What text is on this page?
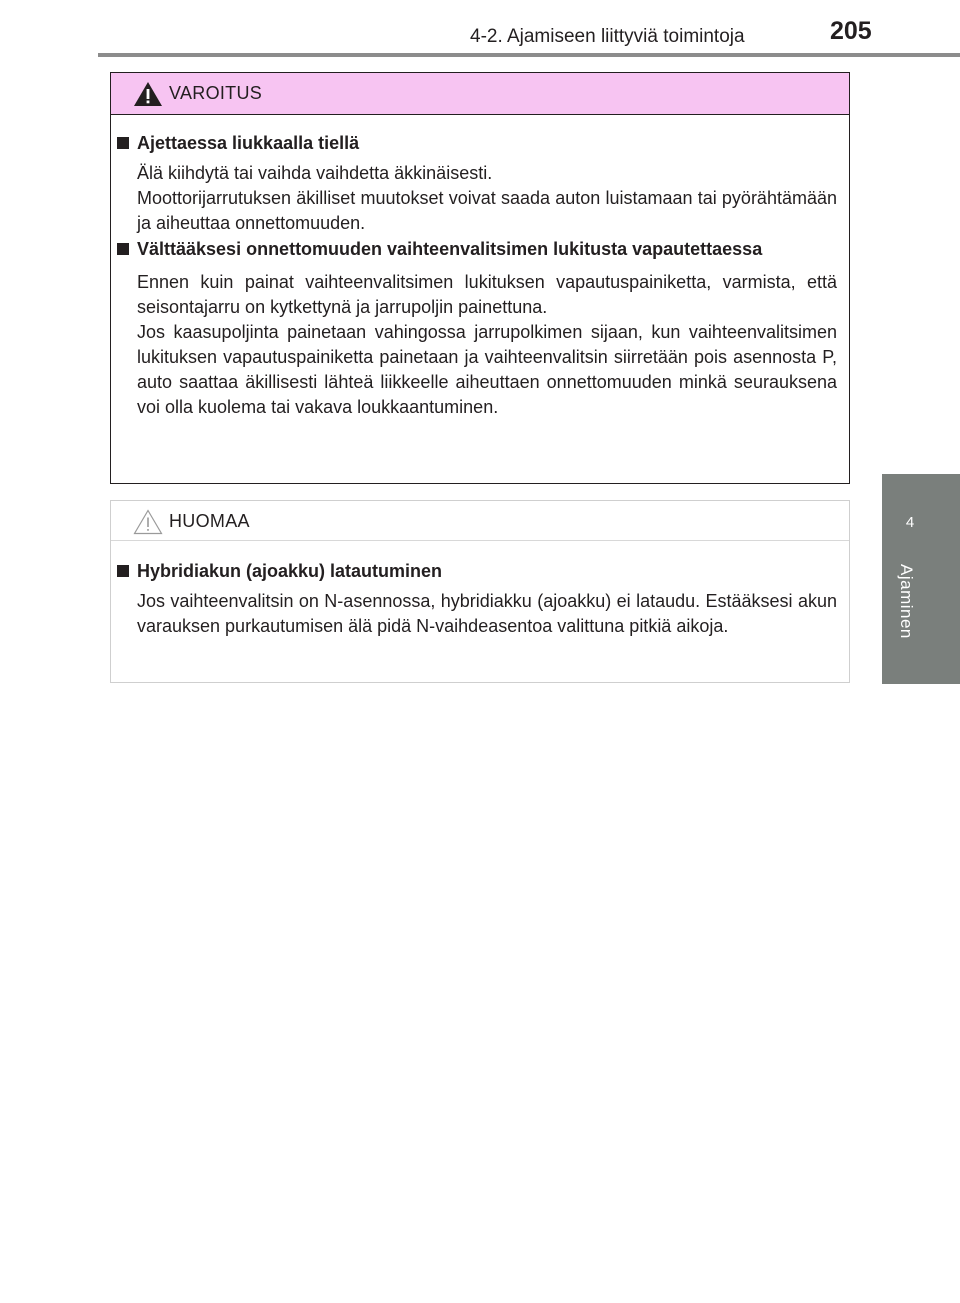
4-2. Ajamiseen liittyviä toimintoja	205
4
Ajaminen
VAROITUS
Ajettaessa liukkaalla tiellä
Älä kiihdytä tai vaihda vaihdetta äkkinäisesti.
Moottorijarrutuksen äkilliset muutokset voivat saada auton luistamaan tai pyörähtämään ja aiheuttaa onnettomuuden.
Välttääksesi onnettomuuden vaihteenvalitsimen lukitusta vapautettaessa
Ennen kuin painat vaihteenvalitsimen lukituksen vapautuspainiketta, varmista, että seisontajarru on kytkettynä ja jarrupoljin painettuna.
Jos kaasupoljinta painetaan vahingossa jarrupolkimen sijaan, kun vaihteenvalitsimen lukituksen vapautuspainiketta painetaan ja vaihteenvalitsin siirretään pois asennosta P, auto saattaa äkillisesti lähteä liikkeelle aiheuttaen onnettomuuden minkä seurauksena voi olla kuolema tai vakava loukkaantuminen.
HUOMAA
Hybridiakun (ajoakku) latautuminen
Jos vaihteenvalitsin on N-asennossa, hybridiakku (ajoakku) ei lataudu. Estääksesi akun varauksen purkautumisen älä pidä N-vaihdeasentoa valittuna pitkiä aikoja.
